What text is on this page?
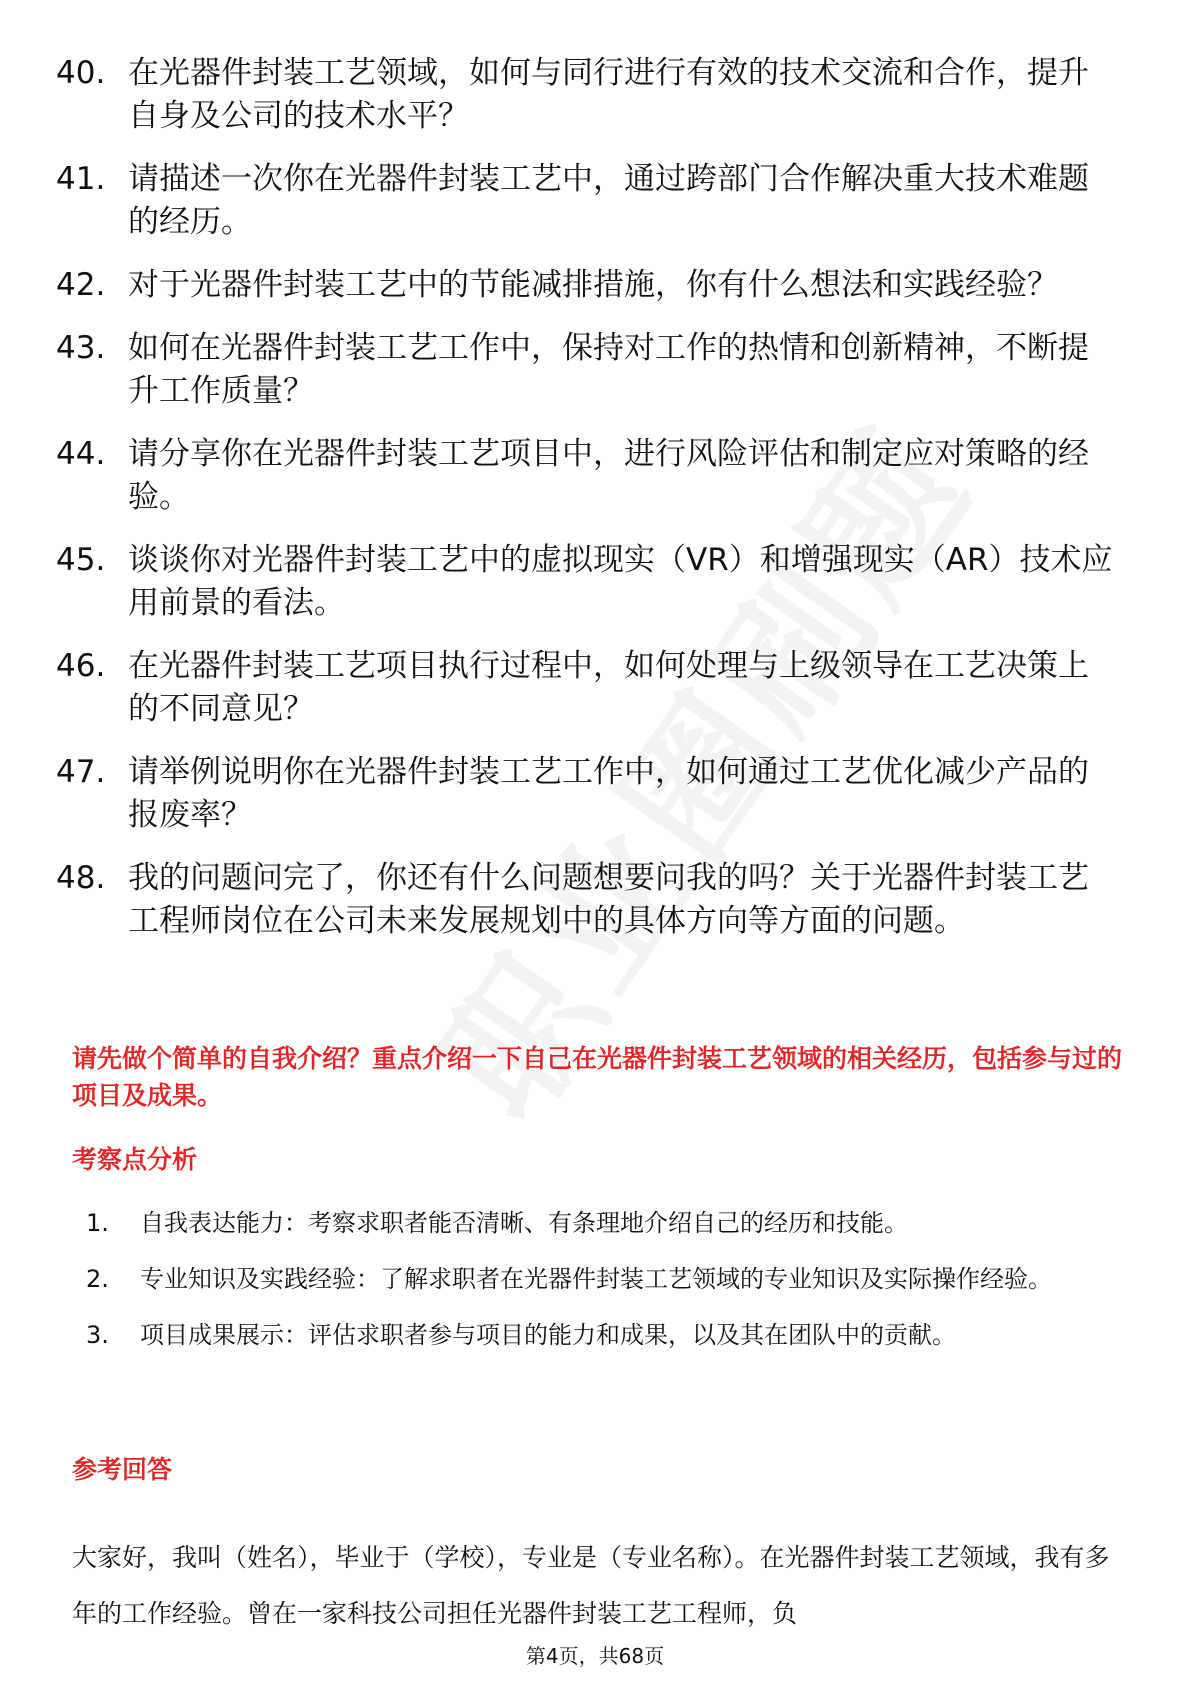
40. 在光器件封装工艺领域，如何与同行进行有效的技术交流和合作，提升自身及公司的技术水平？
41. 请描述一次你在光器件封装工艺中，通过跨部门合作解决重大技术难题的经历。
42. 对于光器件封装工艺中的节能减排措施，你有什么想法和实践经验？
43. 如何在光器件封装工艺工作中，保持对工作的热情和创新精神，不断提升工作质量？
44. 请分享你在光器件封装工艺项目中，进行风险评估和制定应对策略的经验。
45. 谈谈你对光器件封装工艺中的虚拟现实（VR）和增强现实（AR）技术应用前景的看法。
46. 在光器件封装工艺项目执行过程中，如何处理与上级领导在工艺决策上的不同意见？
47. 请举例说明你在光器件封装工艺工作中，如何通过工艺优化减少产品的报废率？
48. 我的问题问完了，你还有什么问题想要问我的吗？关于光器件封装工艺工程师岗位在公司未来发展规划中的具体方向等方面的问题。
请先做个简单的自我介绍？重点介绍一下自己在光器件封装工艺领域的相关经历，包括参与过的项目及成果。
考察点分析
1.	自我表达能力：考察求职者能否清晰、有条理地介绍自己的经历和技能。
2.	专业知识及实践经验：了解求职者在光器件封装工艺领域的专业知识及实际操作经验。
3.	项目成果展示：评估求职者参与项目的能力和成果，以及其在团队中的贡献。
参考回答
大家好，我叫（姓名），毕业于（学校），专业是（专业名称）。在光器件封装工艺领域，我有多年的工作经验。曾在一家科技公司担任光器件封装工艺工程师，负
第4页，共68页
